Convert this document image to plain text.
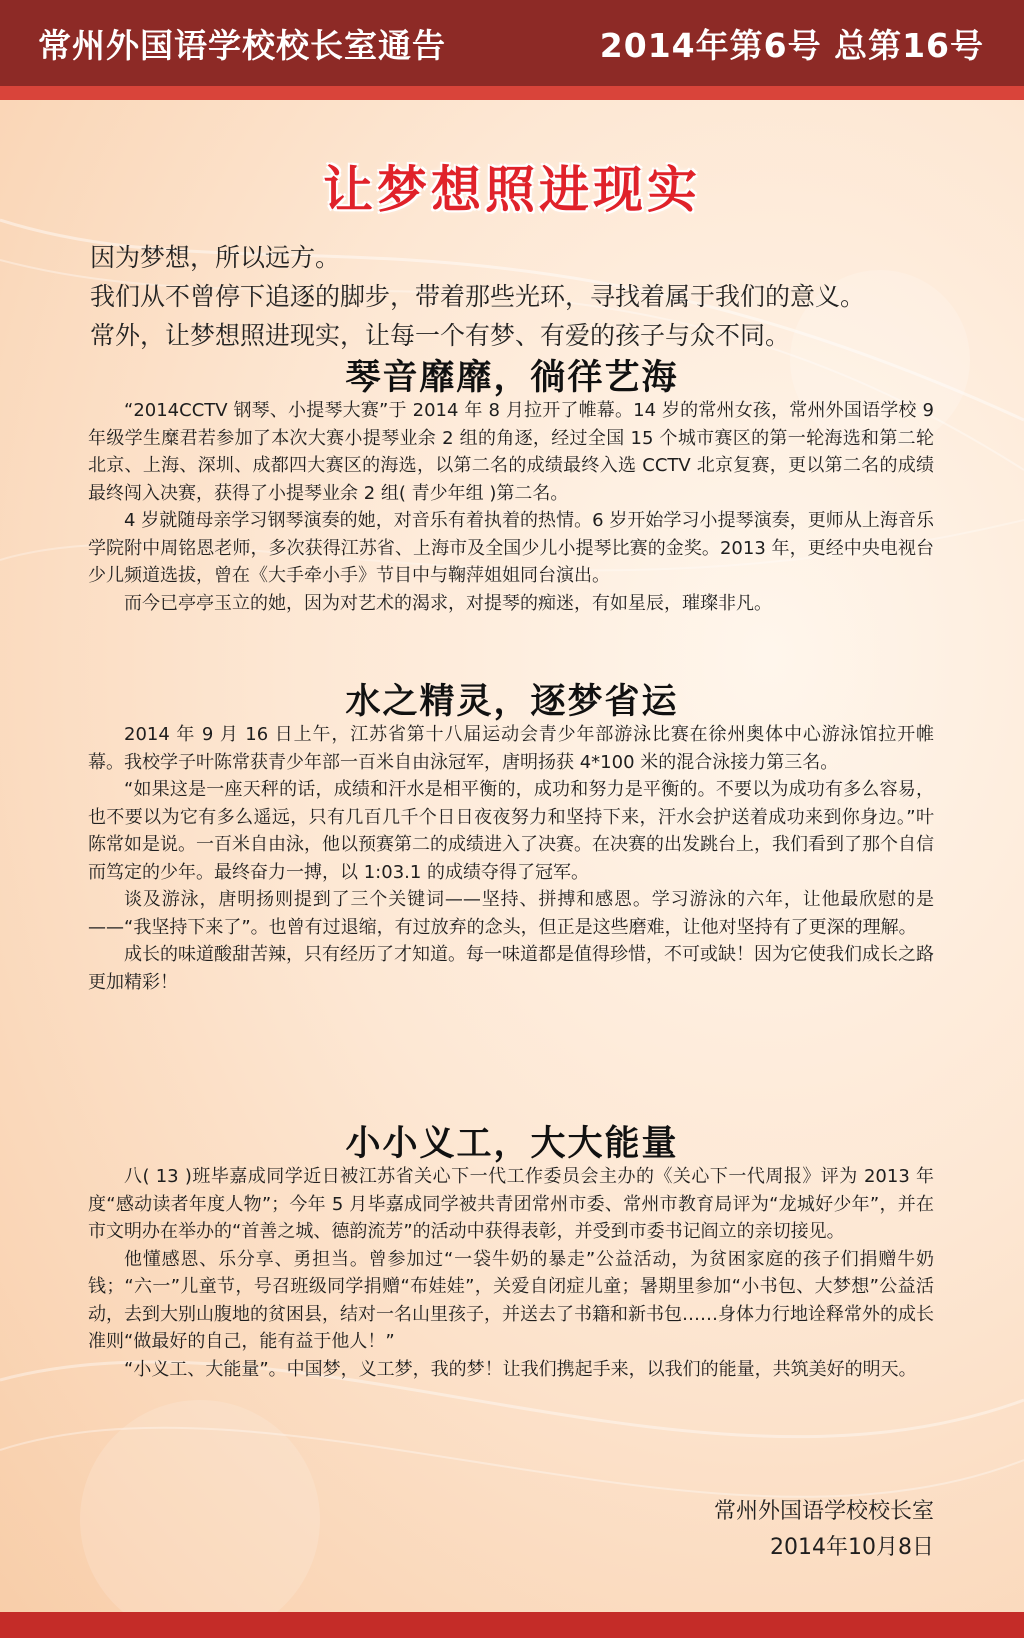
常州外国语学校校长室通告	2014年第6号 总第16号
让梦想照进现实
因为梦想，所以远方。
我们从不曾停下追逐的脚步，带着那些光环，寻找着属于我们的意义。
常外，让梦想照进现实，让每一个有梦、有爱的孩子与众不同。
琴音靡靡，徜徉艺海

“2014CCTV 钢琴、小提琴大赛”于 2014 年 8 月拉开了帷幕。14 岁的常州女孩，常州外国语学校 9 年级学生糜君若参加了本次大赛小提琴业余 2 组的角逐，经过全国 15 个城市赛区的第一轮海选和第二轮北京、上海、深圳、成都四大赛区的海选，以第二名的成绩最终入选 CCTV 北京复赛，更以第二名的成绩最终闯入决赛，获得了小提琴业余 2 组( 青少年组 )第二名。

4 岁就随母亲学习钢琴演奏的她，对音乐有着执着的热情。6 岁开始学习小提琴演奏，更师从上海音乐学院附中周铭恩老师，多次获得江苏省、上海市及全国少儿小提琴比赛的金奖。2013 年，更经中央电视台少儿频道选拔，曾在《大手牵小手》节目中与鞠萍姐姐同台演出。

而今已亭亭玉立的她，因为对艺术的渴求，对提琴的痴迷，有如星辰，璀璨非凡。

水之精灵，逐梦省运

2014 年 9 月 16 日上午，江苏省第十八届运动会青少年部游泳比赛在徐州奥体中心游泳馆拉开帷幕。我校学子叶陈常获青少年部一百米自由泳冠军，唐明扬获 4*100 米的混合泳接力第三名。

“如果这是一座天秤的话，成绩和汗水是相平衡的，成功和努力是平衡的。不要以为成功有多么容易，也不要以为它有多么遥远，只有几百几千个日日夜夜努力和坚持下来，汗水会护送着成功来到你身边。”叶陈常如是说。一百米自由泳，他以预赛第二的成绩进入了决赛。在决赛的出发跳台上，我们看到了那个自信而笃定的少年。最终奋力一搏，以 1:03.1 的成绩夺得了冠军。

谈及游泳，唐明扬则提到了三个关键词——坚持、拼搏和感恩。学习游泳的六年，让他最欣慰的是——“我坚持下来了”。也曾有过退缩，有过放弃的念头，但正是这些磨难，让他对坚持有了更深的理解。

成长的味道酸甜苦辣，只有经历了才知道。每一味道都是值得珍惜，不可或缺！因为它使我们成长之路更加精彩！

小小义工，大大能量

八( 13 )班毕嘉成同学近日被江苏省关心下一代工作委员会主办的《关心下一代周报》评为 2013 年度“感动读者年度人物”；今年 5 月毕嘉成同学被共青团常州市委、常州市教育局评为“龙城好少年”，并在市文明办在举办的“首善之城、德韵流芳”的活动中获得表彰，并受到市委书记阎立的亲切接见。

他懂感恩、乐分享、勇担当。曾参加过“一袋牛奶的暴走”公益活动，为贫困家庭的孩子们捐赠牛奶钱；“六一”儿童节，号召班级同学捐赠“布娃娃”，关爱自闭症儿童；暑期里参加“小书包、大梦想”公益活动，去到大别山腹地的贫困县，结对一名山里孩子，并送去了书籍和新书包……身体力行地诠释常外的成长准则“做最好的自己，能有益于他人！”

“小义工、大能量”。中国梦，义工梦，我的梦！让我们携起手来，以我们的能量，共筑美好的明天。

常州外国语学校校长室
2014年10月8日
